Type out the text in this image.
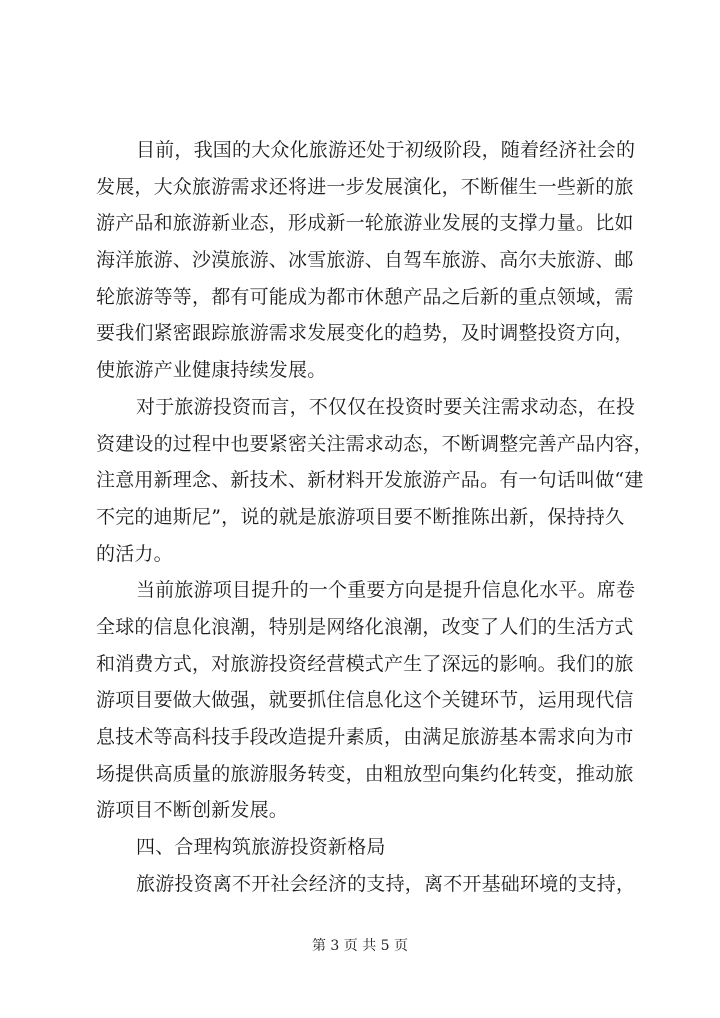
目前，我国的大众化旅游还处于初级阶段，随着经济社会的
发展，大众旅游需求还将进一步发展演化，不断催生一些新的旅
游产品和旅游新业态，形成新一轮旅游业发展的支撑力量。比如
海洋旅游、沙漠旅游、冰雪旅游、自驾车旅游、高尔夫旅游、邮
轮旅游等等，都有可能成为都市休憩产品之后新的重点领域，需
要我们紧密跟踪旅游需求发展变化的趋势，及时调整投资方向，
使旅游产业健康持续发展。
对于旅游投资而言，不仅仅在投资时要关注需求动态，在投
资建设的过程中也要紧密关注需求动态，不断调整完善产品内容，
注意用新理念、新技术、新材料开发旅游产品。有一句话叫做“建
不完的迪斯尼”，说的就是旅游项目要不断推陈出新，保持持久
的活力。
当前旅游项目提升的一个重要方向是提升信息化水平。席卷
全球的信息化浪潮，特别是网络化浪潮，改变了人们的生活方式
和消费方式，对旅游投资经营模式产生了深远的影响。我们的旅
游项目要做大做强，就要抓住信息化这个关键环节，运用现代信
息技术等高科技手段改造提升素质，由满足旅游基本需求向为市
场提供高质量的旅游服务转变，由粗放型向集约化转变，推动旅
游项目不断创新发展。
四、合理构筑旅游投资新格局
旅游投资离不开社会经济的支持，离不开基础环境的支持，
第 3 页 共 5 页
